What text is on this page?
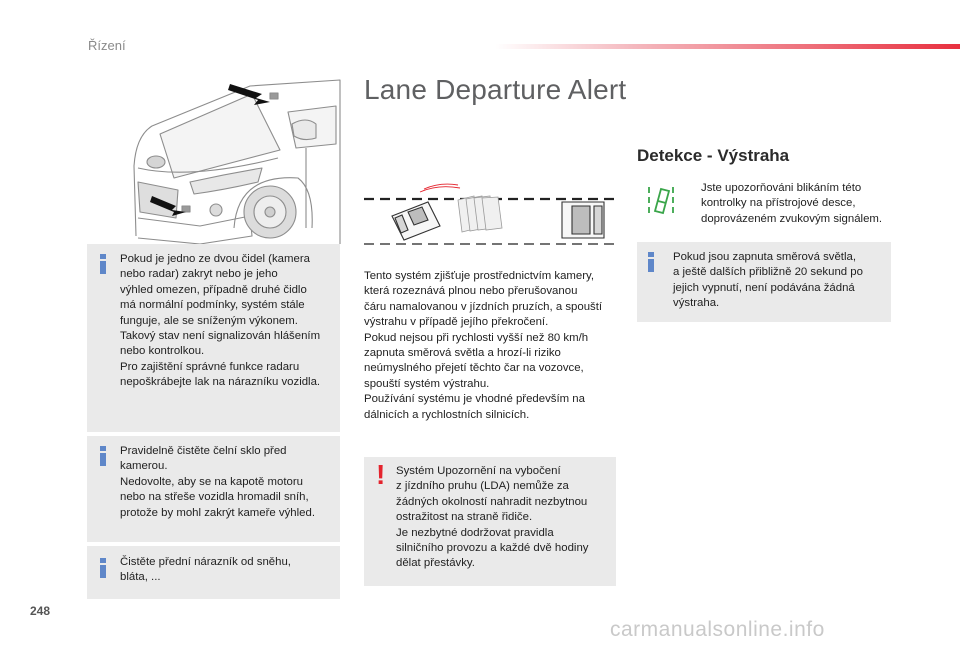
Řízení
Lane Departure Alert
Detekce - Výstraha
Jste upozorňováni blikáním této
kontrolky na přístrojové desce,
doprovázeném zvukovým signálem.
Pokud jsou zapnuta směrová světla,
a ještě dalších přibližně 20 sekund po
jejich vypnutí, není podávána žádná
výstraha.
Pokud je jedno ze dvou čidel (kamera
nebo radar) zakryt nebo je jeho
výhled omezen, případně druhé čidlo
má normální podmínky, systém stále
funguje, ale se sníženým výkonem.
Takový stav není signalizován hlášením
nebo kontrolkou.
Pro zajištění správné funkce radaru
nepoškrábejte lak na nárazníku vozidla.
Pravidelně čistěte čelní sklo před
kamerou.
Nedovolte, aby se na kapotě motoru
nebo na střeše vozidla hromadil sníh,
protože by mohl zakrýt kameře výhled.
Čistěte přední nárazník od sněhu,
bláta, ...
Tento systém zjišťuje prostřednictvím kamery,
která rozeznává plnou nebo přerušovanou
čáru namalovanou v jízdních pruzích, a spouští
výstrahu v případě jejího překročení.
Pokud nejsou při rychlosti vyšší než 80 km/h
zapnuta směrová světla a hrozí-li riziko
neúmyslného přejetí těchto čar na vozovce,
spouští systém výstrahu.
Používání systému je vhodné především na
dálnicích a rychlostních silnicích.
! Systém Upozornění na vybočení
z jízdního pruhu (LDA) nemůže za
žádných okolností nahradit nezbytnou
ostražitost na straně řidiče.
Je nezbytné dodržovat pravidla
silničního provozu a každé dvě hodiny
dělat přestávky.
248
carmanualsonline.info
